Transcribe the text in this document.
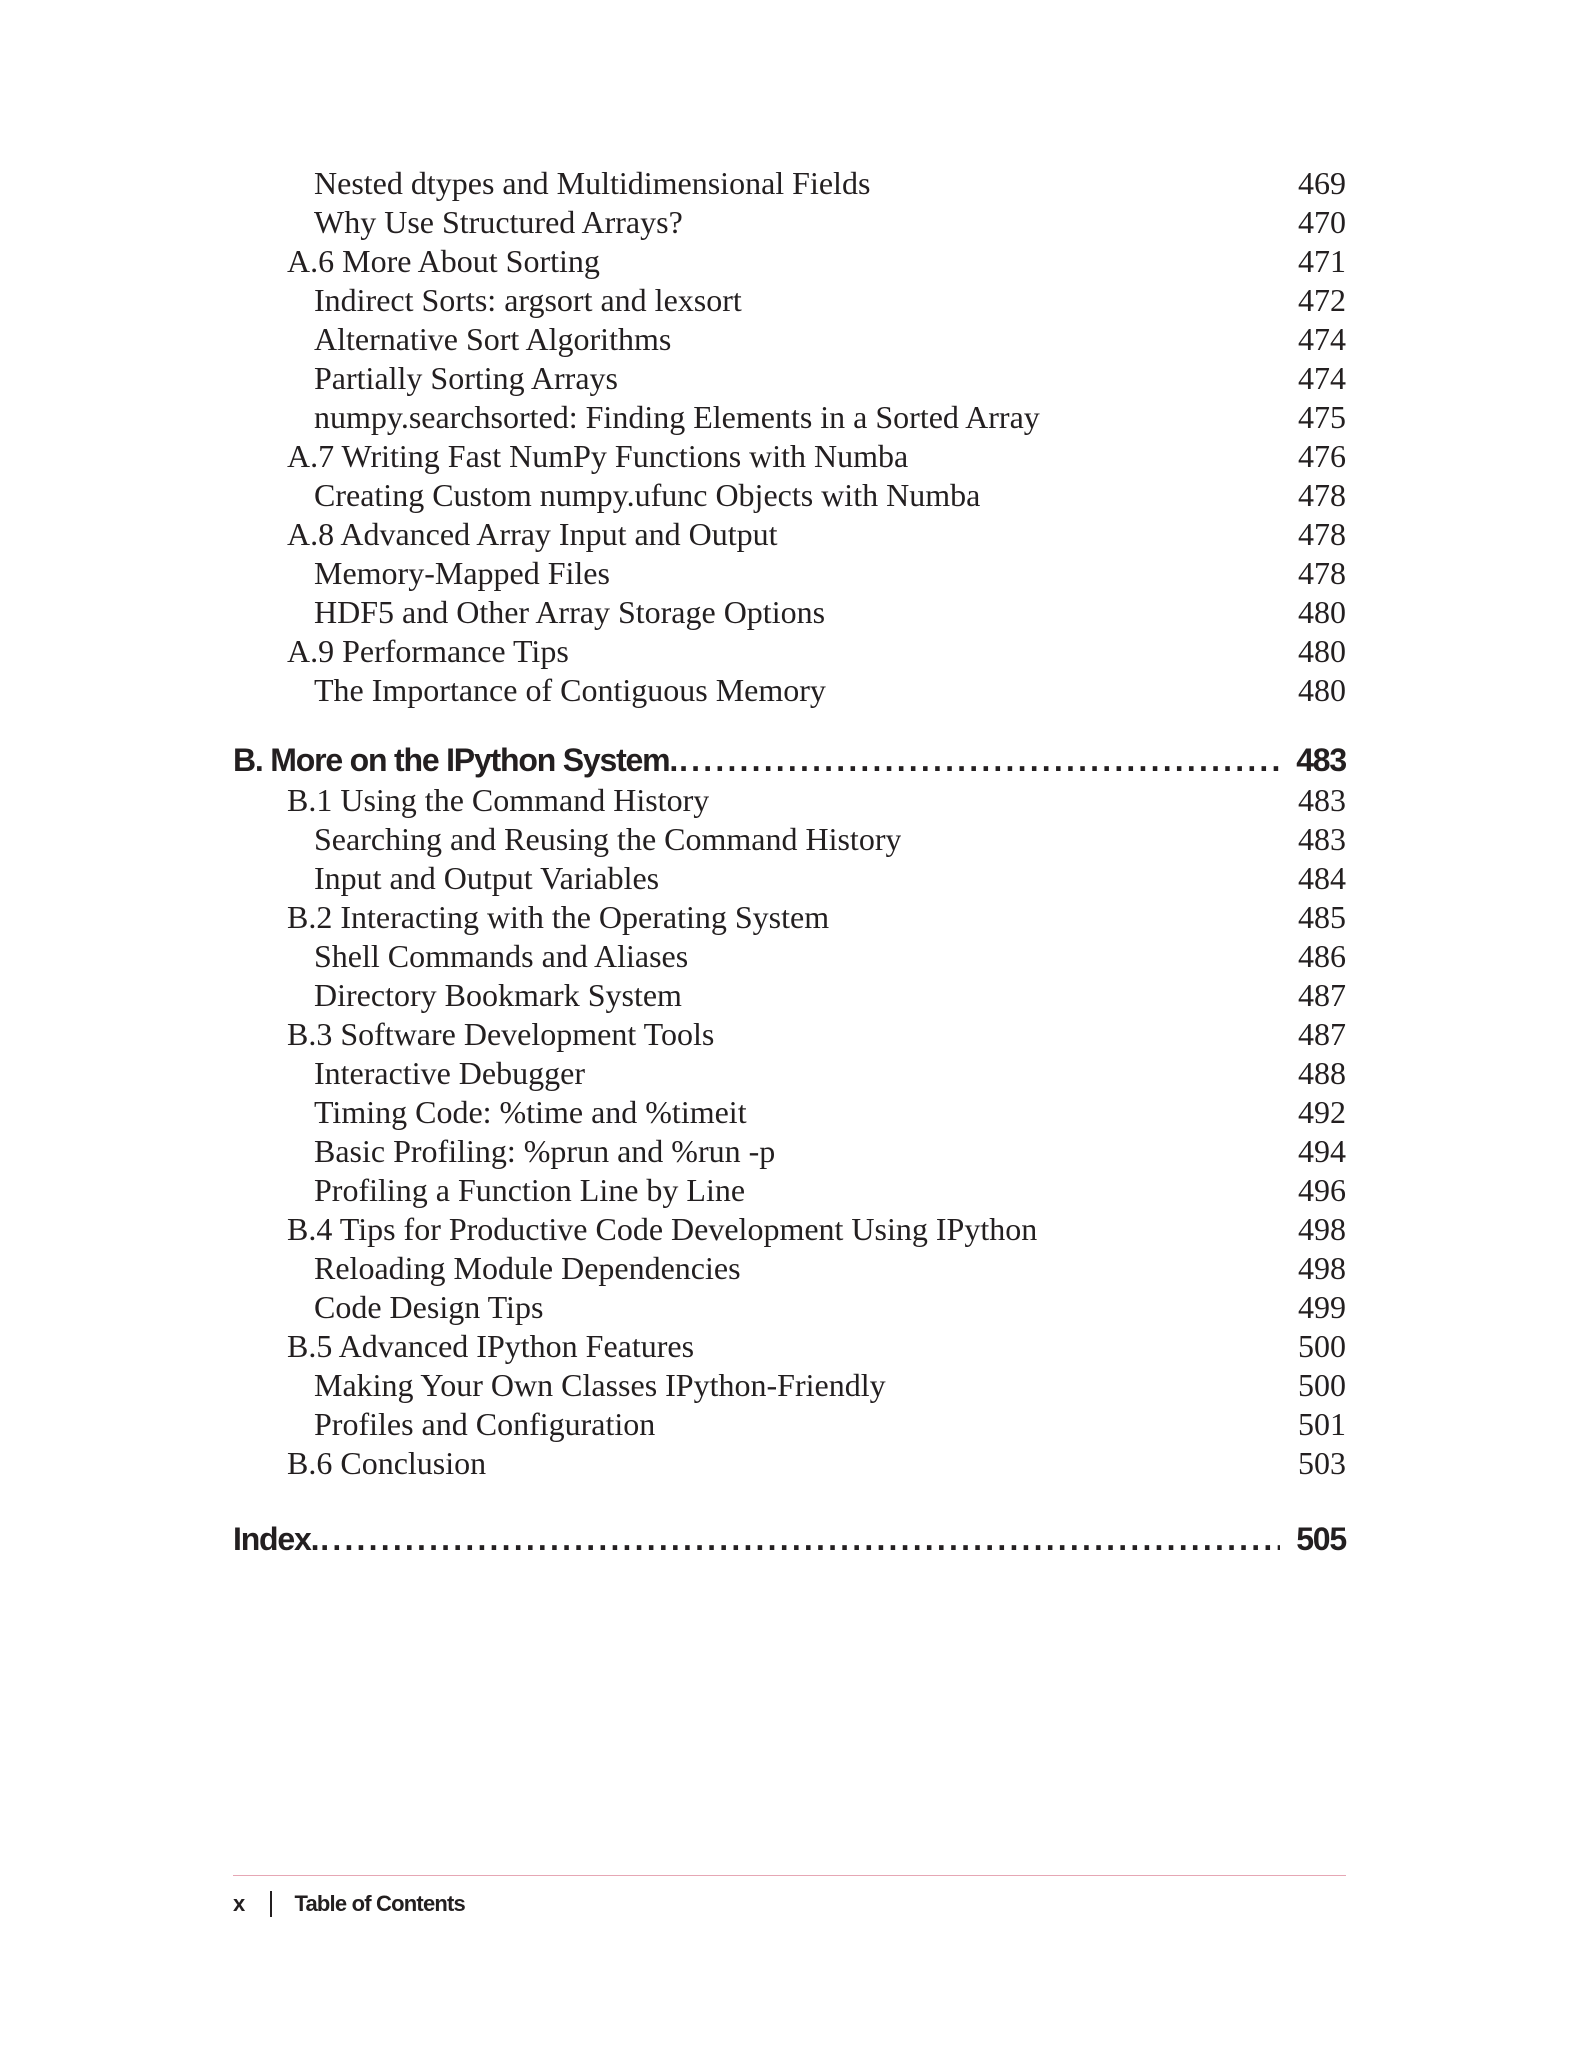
Nested dtypes and Multidimensional Fields	469
Why Use Structured Arrays?	470
A.6 More About Sorting	471
Indirect Sorts: argsort and lexsort	472
Alternative Sort Algorithms	474
Partially Sorting Arrays	474
numpy.searchsorted: Finding Elements in a Sorted Array	475
A.7 Writing Fast NumPy Functions with Numba	476
Creating Custom numpy.ufunc Objects with Numba	478
A.8 Advanced Array Input and Output	478
Memory-Mapped Files	478
HDF5 and Other Array Storage Options	480
A.9 Performance Tips	480
The Importance of Contiguous Memory	480
B. More on the IPython System. .....	483
B.1 Using the Command History	483
Searching and Reusing the Command History	483
Input and Output Variables	484
B.2 Interacting with the Operating System	485
Shell Commands and Aliases	486
Directory Bookmark System	487
B.3 Software Development Tools	487
Interactive Debugger	488
Timing Code: %time and %timeit	492
Basic Profiling: %prun and %run -p	494
Profiling a Function Line by Line	496
B.4 Tips for Productive Code Development Using IPython	498
Reloading Module Dependencies	498
Code Design Tips	499
B.5 Advanced IPython Features	500
Making Your Own Classes IPython-Friendly	500
Profiles and Configuration	501
B.6 Conclusion	503
Index. .....	505
x Table of Contents
